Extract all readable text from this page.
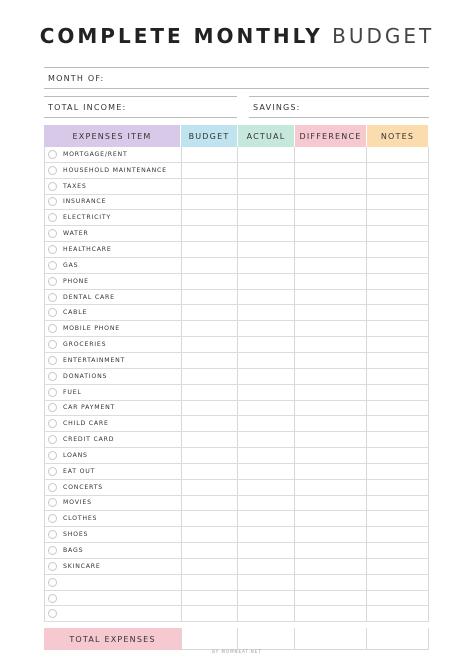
COMPLETE MONTHLY BUDGET
MONTH OF:
TOTAL INCOME:	SAVINGS:
EXPENSES ITEM	BUDGET	ACTUAL	DIFFERENCE	NOTES
MORTGAGE/RENT
HOUSEHOLD MAINTENANCE
TAXES
INSURANCE
ELECTRICITY
WATER
HEALTHCARE
GAS
PHONE
DENTAL CARE
CABLE
MOBILE PHONE
GROCERIES
ENTERTAINMENT
DONATIONS
FUEL
CAR PAYMENT
CHILD CARE
CREDIT CARD
LOANS
EAT OUT
CONCERTS
MOVIES
CLOTHES
SHOES
BAGS
SKINCARE
TOTAL EXPENSES
BY MOMNEAT.NET
